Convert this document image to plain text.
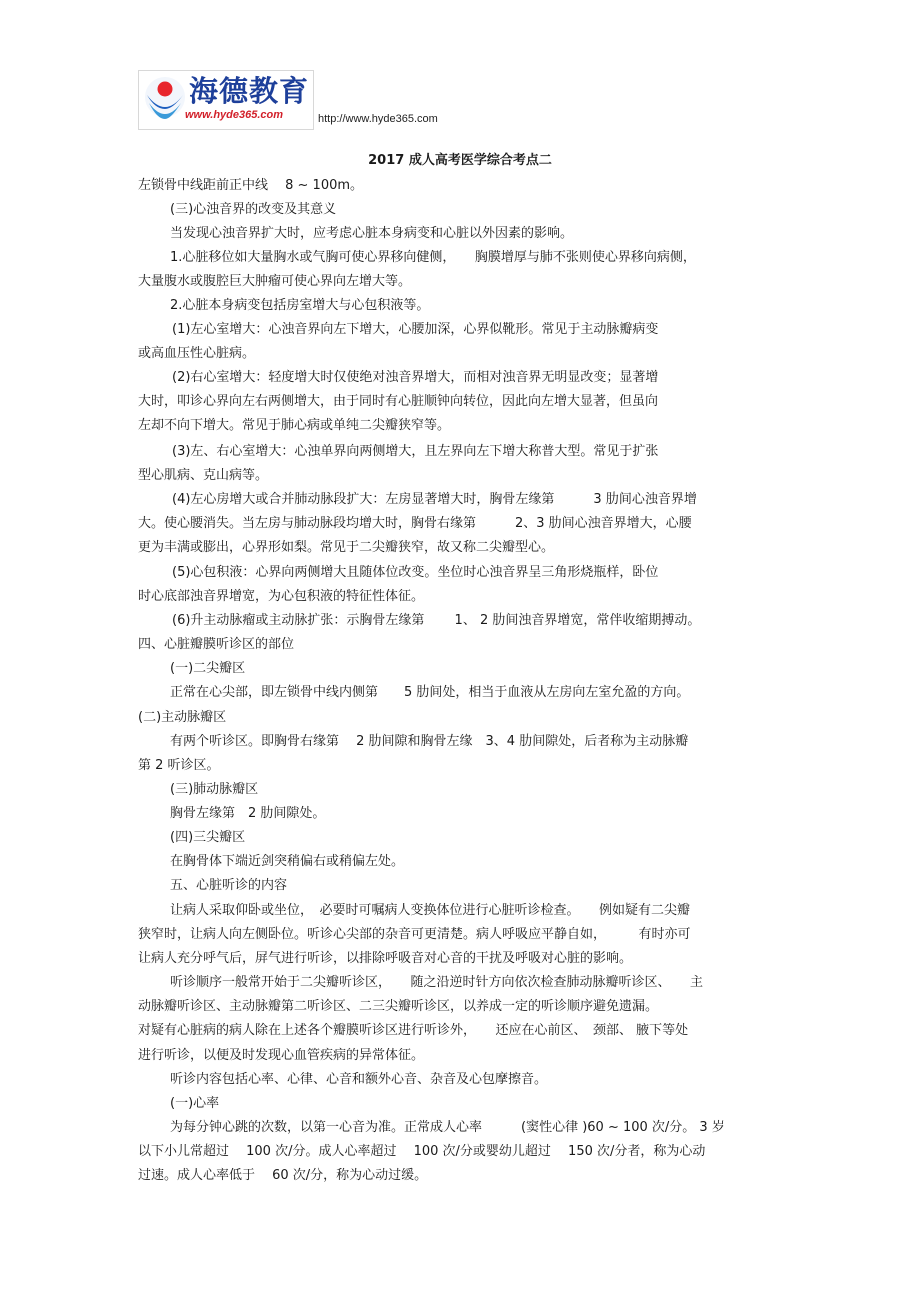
海德教育
www.hyde365.com	http://www.hyde365.com
2017 成人高考医学综合考点二
左锁骨中线距前正中线　 8 ~ 100m。
(三)心浊音界的改变及其意义
当发现心浊音界扩大时，应考虑心脏本身病变和心脏以外因素的影响。
1.心脏移位如大量胸水或气胸可使心界移向健侧，　　胸膜增厚与肺不张则使心界移向病侧，
大量腹水或腹腔巨大肿瘤可使心界向左增大等。
2.心脏本身病变包括房室增大与心包积液等。
(1)左心室增大：心浊音界向左下增大，心腰加深，心界似靴形。常见于主动脉瓣病变
或高血压性心脏病。
(2)右心室增大：轻度增大时仅使绝对浊音界增大，而相对浊音界无明显改变；显著增
大时，叩诊心界向左右两侧增大，由于同时有心脏顺钟向转位，因此向左增大显著，但虽向
左却不向下增大。常见于肺心病或单纯二尖瓣狭窄等。
(3)左、右心室增大：心浊单界向两侧增大，且左界向左下增大称普大型。常见于扩张
型心肌病、克山病等。
(4)左心房增大或合并肺动脉段扩大：左房显著增大时，胸骨左缘第　　　3 肋间心浊音界增
大。使心腰消失。当左房与肺动脉段均增大时，胸骨右缘第　　　2、3 肋间心浊音界增大，心腰
更为丰满或膨出，心界形如梨。常见于二尖瓣狭窄，故又称二尖瓣型心。
(5)心包积液：心界向两侧增大且随体位改变。坐位时心浊音界呈三角形烧瓶样，卧位
时心底部浊音界增宽，为心包积液的特征性体征。
(6)升主动脉瘤或主动脉扩张：示胸骨左缘第　　 1、 2 肋间浊音界增宽，常伴收缩期搏动。
四、心脏瓣膜听诊区的部位
(一)二尖瓣区
正常在心尖部，即左锁骨中线内侧第　　5 肋间处，相当于血液从左房向左室允盈的方向。
(二)主动脉瓣区
有两个听诊区。即胸骨右缘第　 2 肋间隙和胸骨左缘　3、4 肋间隙处，后者称为主动脉瓣
第 2 听诊区。
(三)肺动脉瓣区
胸骨左缘第　2 肋间隙处。
(四)三尖瓣区
在胸骨体下端近剑突稍偏右或稍偏左处。
五、心脏听诊的内容
让病人采取仰卧或坐位，　必要时可嘱病人变换体位进行心脏听诊检查。　　例如疑有二尖瓣
狭窄时，让病人向左侧卧位。听诊心尖部的杂音可更清楚。病人呼吸应平静自如，　　　有时亦可
让病人充分呼气后，屏气进行听诊，以排除呼吸音对心音的干扰及呼吸对心脏的影响。
听诊顺序一般常开始于二尖瓣听诊区，　　随之沿逆时针方向依次检查肺动脉瓣听诊区、　　主
动脉瓣听诊区、主动脉瓣第二听诊区、二三尖瓣听诊区，以养成一定的听诊顺序避免遗漏。
对疑有心脏病的病人除在上述各个瓣膜听诊区进行听诊外，　　还应在心前区、　颈部、 腋下等处
进行听诊，以便及时发现心血管疾病的异常体征。
听诊内容包括心率、心律、心音和额外心音、杂音及心包摩擦音。
(一)心率
为每分钟心跳的次数，以第一心音为准。正常成人心率　　　(窦性心律 )60 ~ 100 次/分。 3 岁
以下小儿常超过　 100 次/分。成人心率超过　 100 次/分或婴幼儿超过　 150 次/分者，称为心动
过速。成人心率低于　 60 次/分，称为心动过缓。
